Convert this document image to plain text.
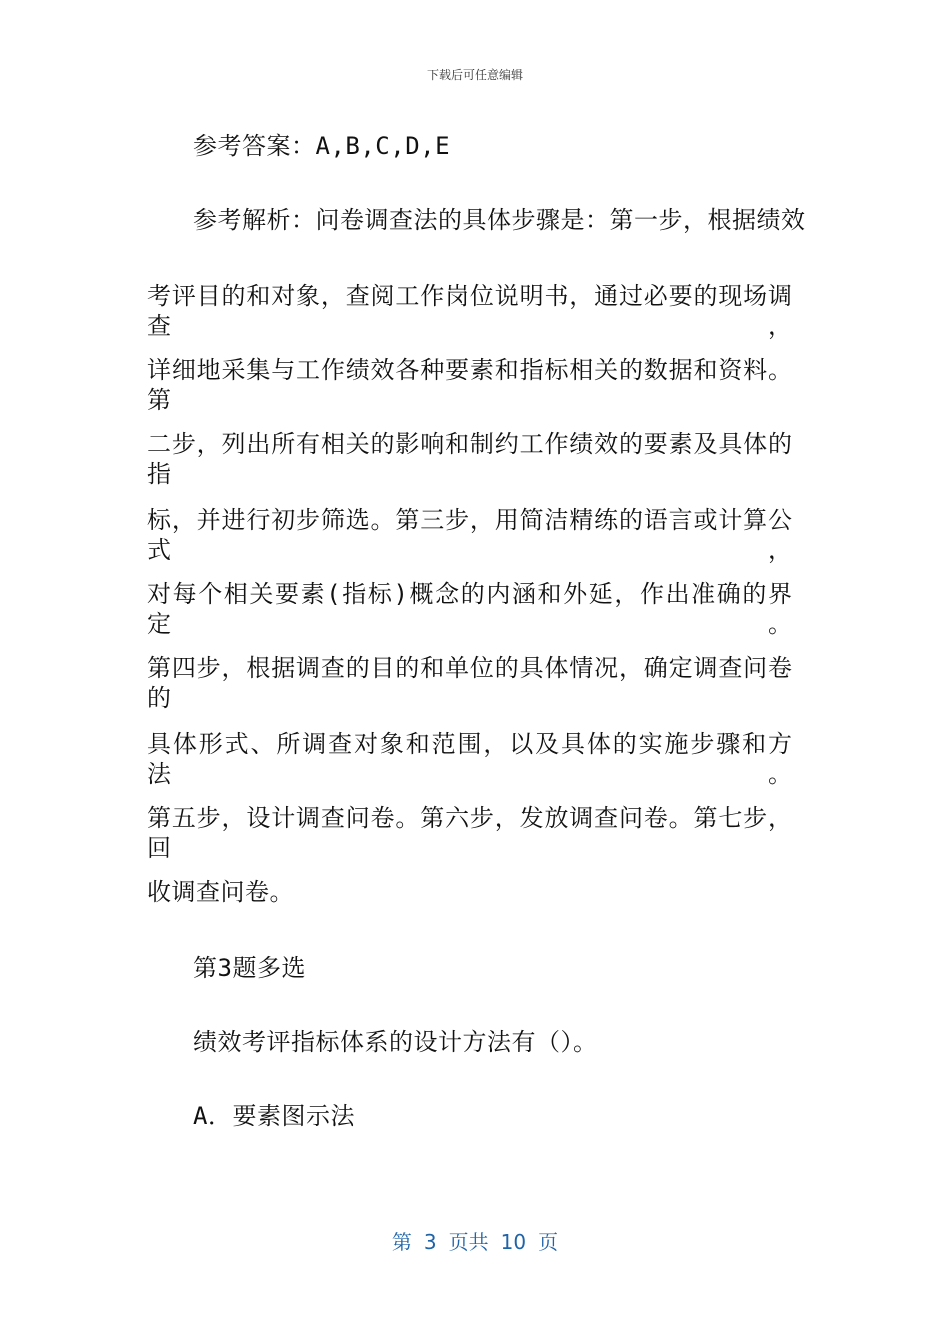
下载后可任意编辑
参考答案：A,B,C,D,E
参考解析：问卷调查法的具体步骤是：第一步，根据绩效
考评目的和对象，查阅工作岗位说明书，通过必要的现场调查，
详细地采集与工作绩效各种要素和指标相关的数据和资料。第
二步，列出所有相关的影响和制约工作绩效的要素及具体的指
标，并进行初步筛选。第三步，用简洁精练的语言或计算公式，
对每个相关要素(指标)概念的内涵和外延，作出准确的界定。
第四步，根据调查的目的和单位的具体情况，确定调查问卷的
具体形式、所调查对象和范围，以及具体的实施步骤和方法。
第五步，设计调查问卷。第六步，发放调查问卷。第七步，回
收调查问卷。
第3题多选
绩效考评指标体系的设计方法有（）。
A．要素图示法
第 3 页共 10 页
